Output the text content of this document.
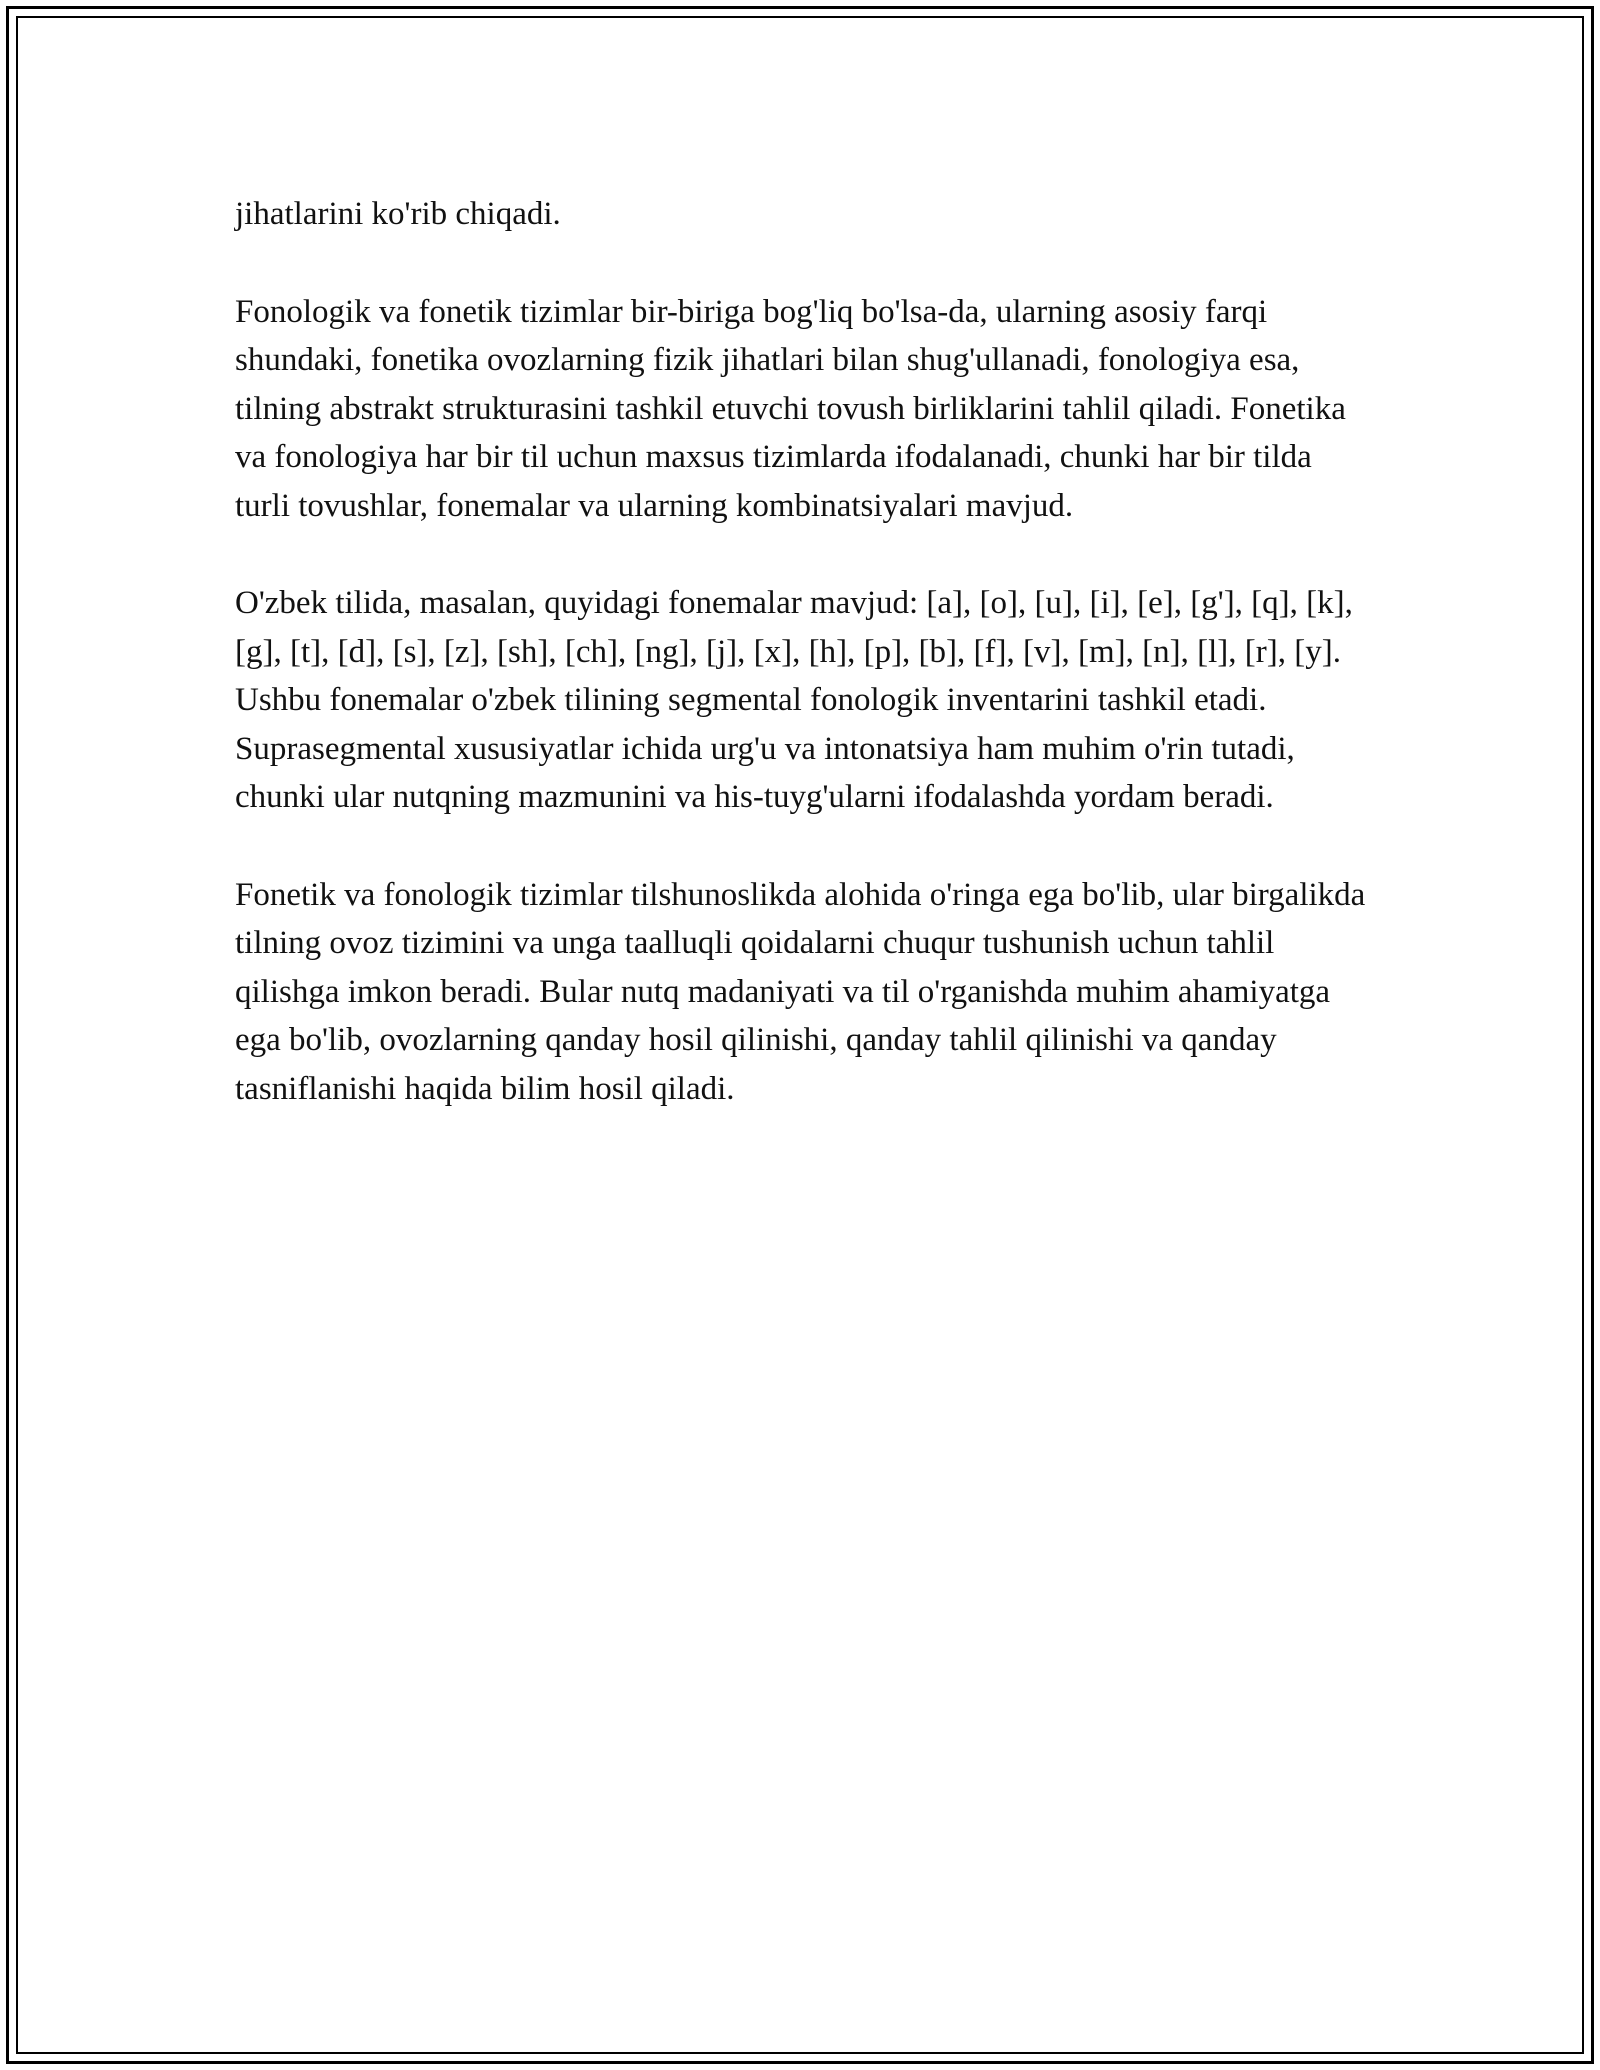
jihatlarini ko'rib chiqadi.

Fonologik va fonetik tizimlar bir-biriga bog'liq bo'lsa-da, ularning asosiy farqi shundaki, fonetika ovozlarning fizik jihatlari bilan shug'ullanadi, fonologiya esa, tilning abstrakt strukturasini tashkil etuvchi tovush birliklarini tahlil qiladi. Fonetika va fonologiya har bir til uchun maxsus tizimlarda ifodalanadi, chunki har bir tilda turli tovushlar, fonemalar va ularning kombinatsiyalari mavjud.

O'zbek tilida, masalan, quyidagi fonemalar mavjud: [a], [o], [u], [i], [e], [g'], [q], [k], [g], [t], [d], [s], [z], [sh], [ch], [ng], [j], [x], [h], [p], [b], [f], [v], [m], [n], [l], [r], [y]. Ushbu fonemalar o'zbek tilining segmental fonologik inventarini tashkil etadi. Suprasegmental xususiyatlar ichida urg'u va intonatsiya ham muhim o'rin tutadi, chunki ular nutqning mazmunini va his-tuyg'ularni ifodalashda yordam beradi.

Fonetik va fonologik tizimlar tilshunoslikda alohida o'ringa ega bo'lib, ular birgalikda tilning ovoz tizimini va unga taalluqli qoidalarni chuqur tushunish uchun tahlil qilishga imkon beradi. Bular nutq madaniyati va til o'rganishda muhim ahamiyatga ega bo'lib, ovozlarning qanday hosil qilinishi, qanday tahlil qilinishi va qanday tasniflanishi haqida bilim hosil qiladi.
